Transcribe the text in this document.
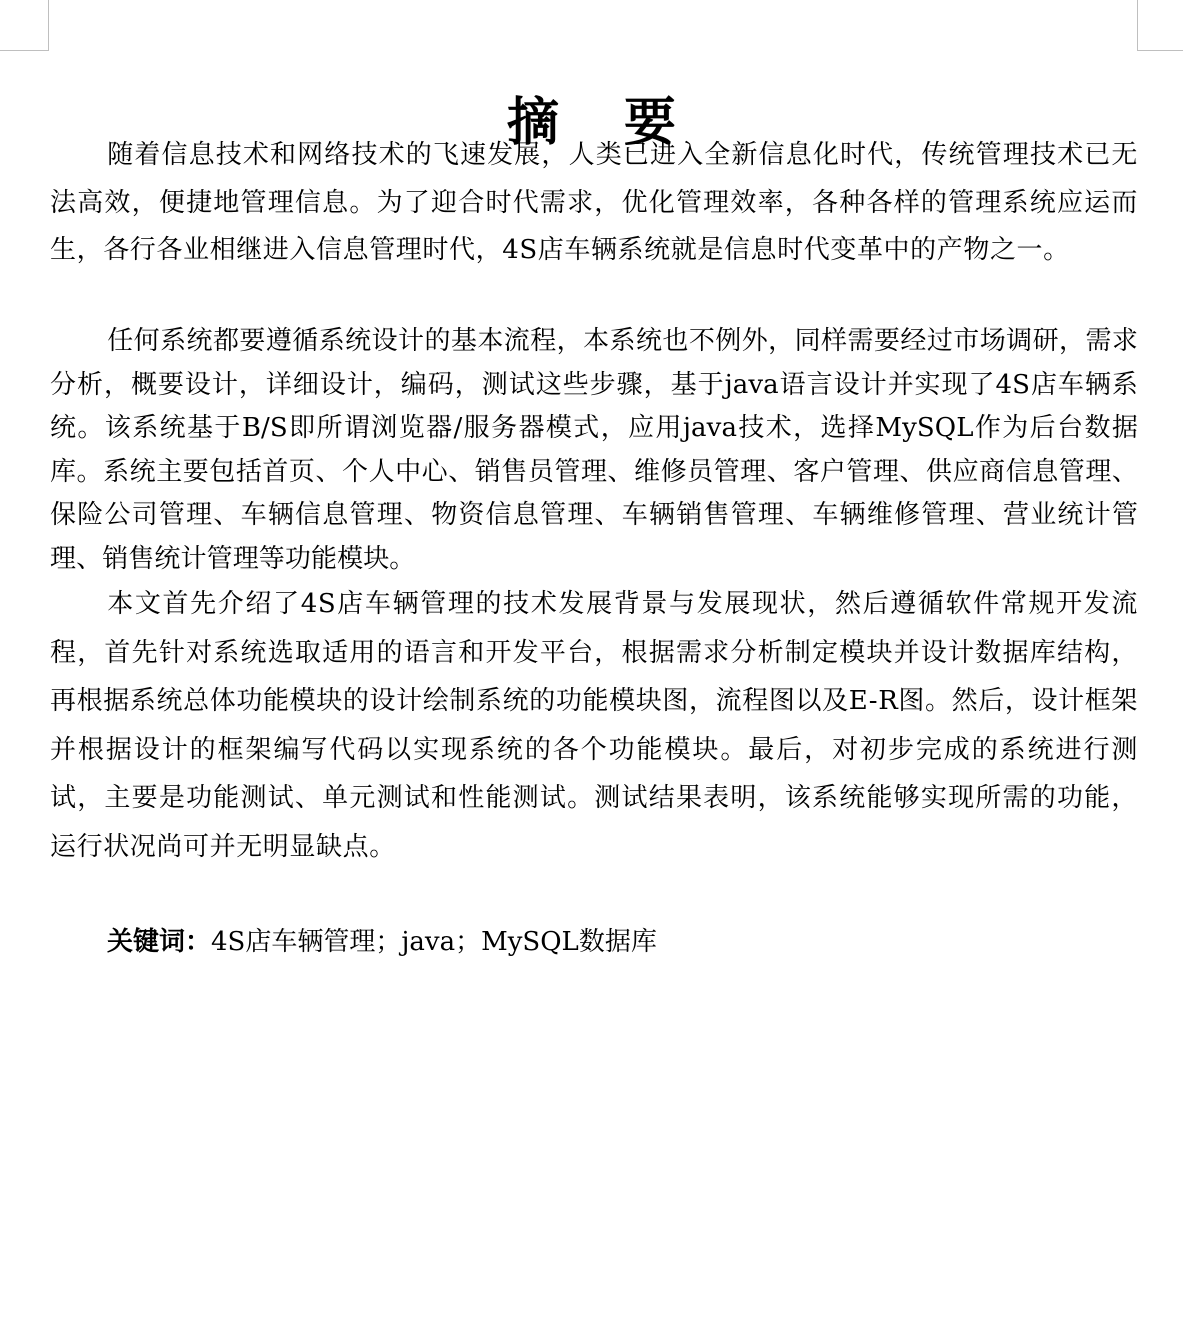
摘 要

随着信息技术和网络技术的飞速发展，人类已进入全新信息化时代，传统管理技术已无法高效，便捷地管理信息。为了迎合时代需求，优化管理效率，各种各样的管理系统应运而生，各行各业相继进入信息管理时代，4S店车辆系统就是信息时代变革中的产物之一。

任何系统都要遵循系统设计的基本流程，本系统也不例外，同样需要经过市场调研，需求分析，概要设计，详细设计，编码，测试这些步骤，基于java语言设计并实现了4S店车辆系统。该系统基于B/S即所谓浏览器/服务器模式，应用java技术，选择MySQL作为后台数据库。系统主要包括首页、个人中心、销售员管理、维修员管理、客户管理、供应商信息管理、保险公司管理、车辆信息管理、物资信息管理、车辆销售管理、车辆维修管理、营业统计管理、销售统计管理等功能模块。

本文首先介绍了4S店车辆管理的技术发展背景与发展现状，然后遵循软件常规开发流程，首先针对系统选取适用的语言和开发平台，根据需求分析制定模块并设计数据库结构，再根据系统总体功能模块的设计绘制系统的功能模块图，流程图以及E-R图。然后，设计框架并根据设计的框架编写代码以实现系统的各个功能模块。最后，对初步完成的系统进行测试，主要是功能测试、单元测试和性能测试。测试结果表明，该系统能够实现所需的功能，运行状况尚可并无明显缺点。

关键词：4S店车辆管理；java；MySQL数据库
